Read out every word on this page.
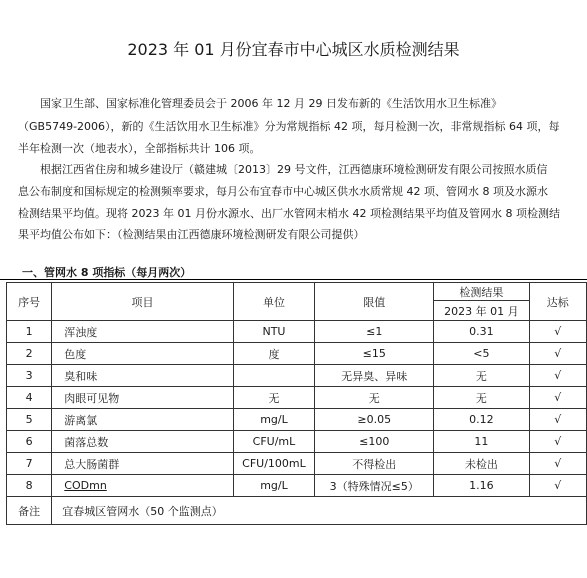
2023 年 01 月份宜春市中心城区水质检测结果
国家卫生部、国家标准化管理委员会于 2006 年 12 月 29 日发布新的《生活饮用水卫生标准》
（GB5749-2006），新的《生活饮用水卫生标准》分为常规指标 42 项，每月检测一次，非常规指标 64 项，每
半年检测一次（地表水），全部指标共计 106 项。
根据江西省住房和城乡建设厅（赣建城〔2013〕29 号文件，江西德康环境检测研发有限公司按照水质信
息公布制度和国标规定的检测频率要求，每月公布宜春市中心城区供水水质常规 42 项、管网水 8 项及水源水
检测结果平均值。现将 2023 年 01 月份水源水、出厂水管网末梢水 42 项检测结果平均值及管网水 8 项检测结
果平均值公布如下：（检测结果由江西德康环境检测研发有限公司提供）
一、管网水 8 项指标（每月两次）
序号	项目	单位	限值	检测结果	达标
				2023 年 01 月	
1	浑浊度	NTU	≤1	0.31	√
2	色度	度	≤15	<5	√
3	臭和味		无异臭、异味	无	√
4	肉眼可见物	无	无	无	√
5	游离氯	mg/L	≥0.05	0.12	√
6	菌落总数	CFU/mL	≤100	11	√
7	总大肠菌群	CFU/100mL	不得检出	未检出	√
8	CODmn	mg/L	3（特殊情况≤5）	1.16	√
备注	宜春城区管网水（50 个监测点）				
